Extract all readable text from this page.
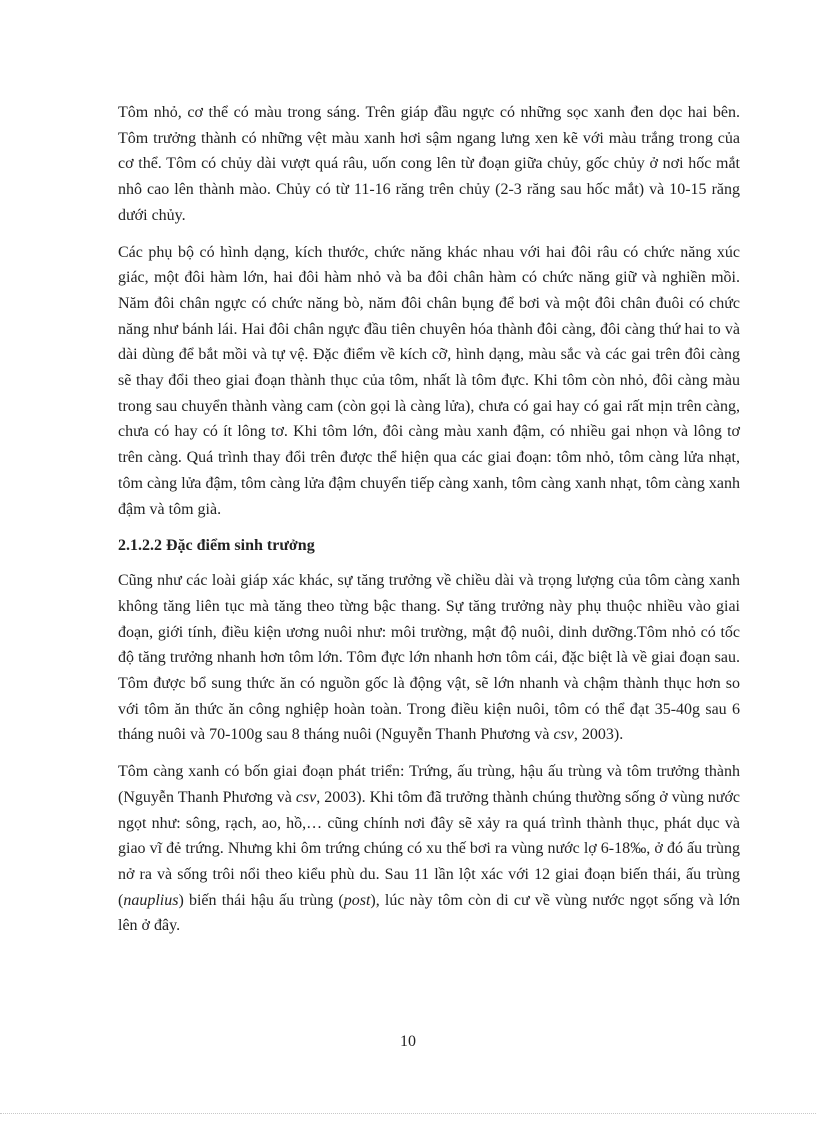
Tôm nhỏ, cơ thể có màu trong sáng. Trên giáp đầu ngực có những sọc xanh đen dọc hai bên. Tôm trưởng thành có những vệt màu xanh hơi sậm ngang lưng xen kẽ với màu trắng trong của cơ thể. Tôm có chủy dài vượt quá râu, uốn cong lên từ đoạn giữa chủy, gốc chủy ở nơi hốc mắt nhô cao lên thành mào. Chủy có từ 11-16 răng trên chủy (2-3 răng sau hốc mắt) và 10-15 răng dưới chủy.

Các phụ bộ có hình dạng, kích thước, chức năng khác nhau với hai đôi râu có chức năng xúc giác, một đôi hàm lớn, hai đôi hàm nhỏ và ba đôi chân hàm có chức năng giữ và nghiền mồi. Năm đôi chân ngực có chức năng bò, năm đôi chân bụng để bơi và một đôi chân đuôi có chức năng như bánh lái. Hai đôi chân ngực đầu tiên chuyên hóa thành đôi càng, đôi càng thứ hai to và dài dùng để bắt mồi và tự vệ. Đặc điểm về kích cỡ, hình dạng, màu sắc và các gai trên đôi càng sẽ thay đổi theo giai đoạn thành thục của tôm, nhất là tôm đực. Khi tôm còn nhỏ, đôi càng màu trong sau chuyển thành vàng cam (còn gọi là càng lửa), chưa có gai hay có gai rất mịn trên càng, chưa có hay có ít lông tơ. Khi tôm lớn, đôi càng màu xanh đậm, có nhiều gai nhọn và lông tơ trên càng. Quá trình thay đổi trên được thể hiện qua các giai đoạn: tôm nhỏ, tôm càng lửa nhạt, tôm càng lửa đậm, tôm càng lửa đậm chuyển tiếp càng xanh, tôm càng xanh nhạt, tôm càng xanh đậm và tôm già.

2.1.2.2 Đặc điểm sinh trưởng

Cũng như các loài giáp xác khác, sự tăng trưởng về chiều dài và trọng lượng của tôm càng xanh không tăng liên tục mà tăng theo từng bậc thang. Sự tăng trưởng này phụ thuộc nhiều vào giai đoạn, giới tính, điều kiện ương nuôi như: môi trường, mật độ nuôi, dinh dưỡng.Tôm nhỏ có tốc độ tăng trưởng nhanh hơn tôm lớn. Tôm đực lớn nhanh hơn tôm cái, đặc biệt là về giai đoạn sau. Tôm được bổ sung thức ăn có nguồn gốc là động vật, sẽ lớn nhanh và chậm thành thục hơn so với tôm ăn thức ăn công nghiệp hoàn toàn. Trong điều kiện nuôi, tôm có thể đạt 35-40g sau 6 tháng nuôi và 70-100g sau 8 tháng nuôi (Nguyễn Thanh Phương và csv, 2003).

Tôm càng xanh có bốn giai đoạn phát triển: Trứng, ấu trùng, hậu ấu trùng và tôm trưởng thành (Nguyễn Thanh Phương và csv, 2003). Khi tôm đã trưởng thành chúng thường sống ở vùng nước ngọt như: sông, rạch, ao, hồ,… cũng chính nơi đây sẽ xảy ra quá trình thành thục, phát dục và giao vĩ đẻ trứng. Nhưng khi ôm trứng chúng có xu thế bơi ra vùng nước lợ 6-18‰, ở đó ấu trùng nở ra và sống trôi nổi theo kiểu phù du. Sau 11 lần lột xác với 12 giai đoạn biến thái, ấu trùng (nauplius) biến thái hậu ấu trùng (post), lúc này tôm còn di cư về vùng nước ngọt sống và lớn lên ở đây.

10
